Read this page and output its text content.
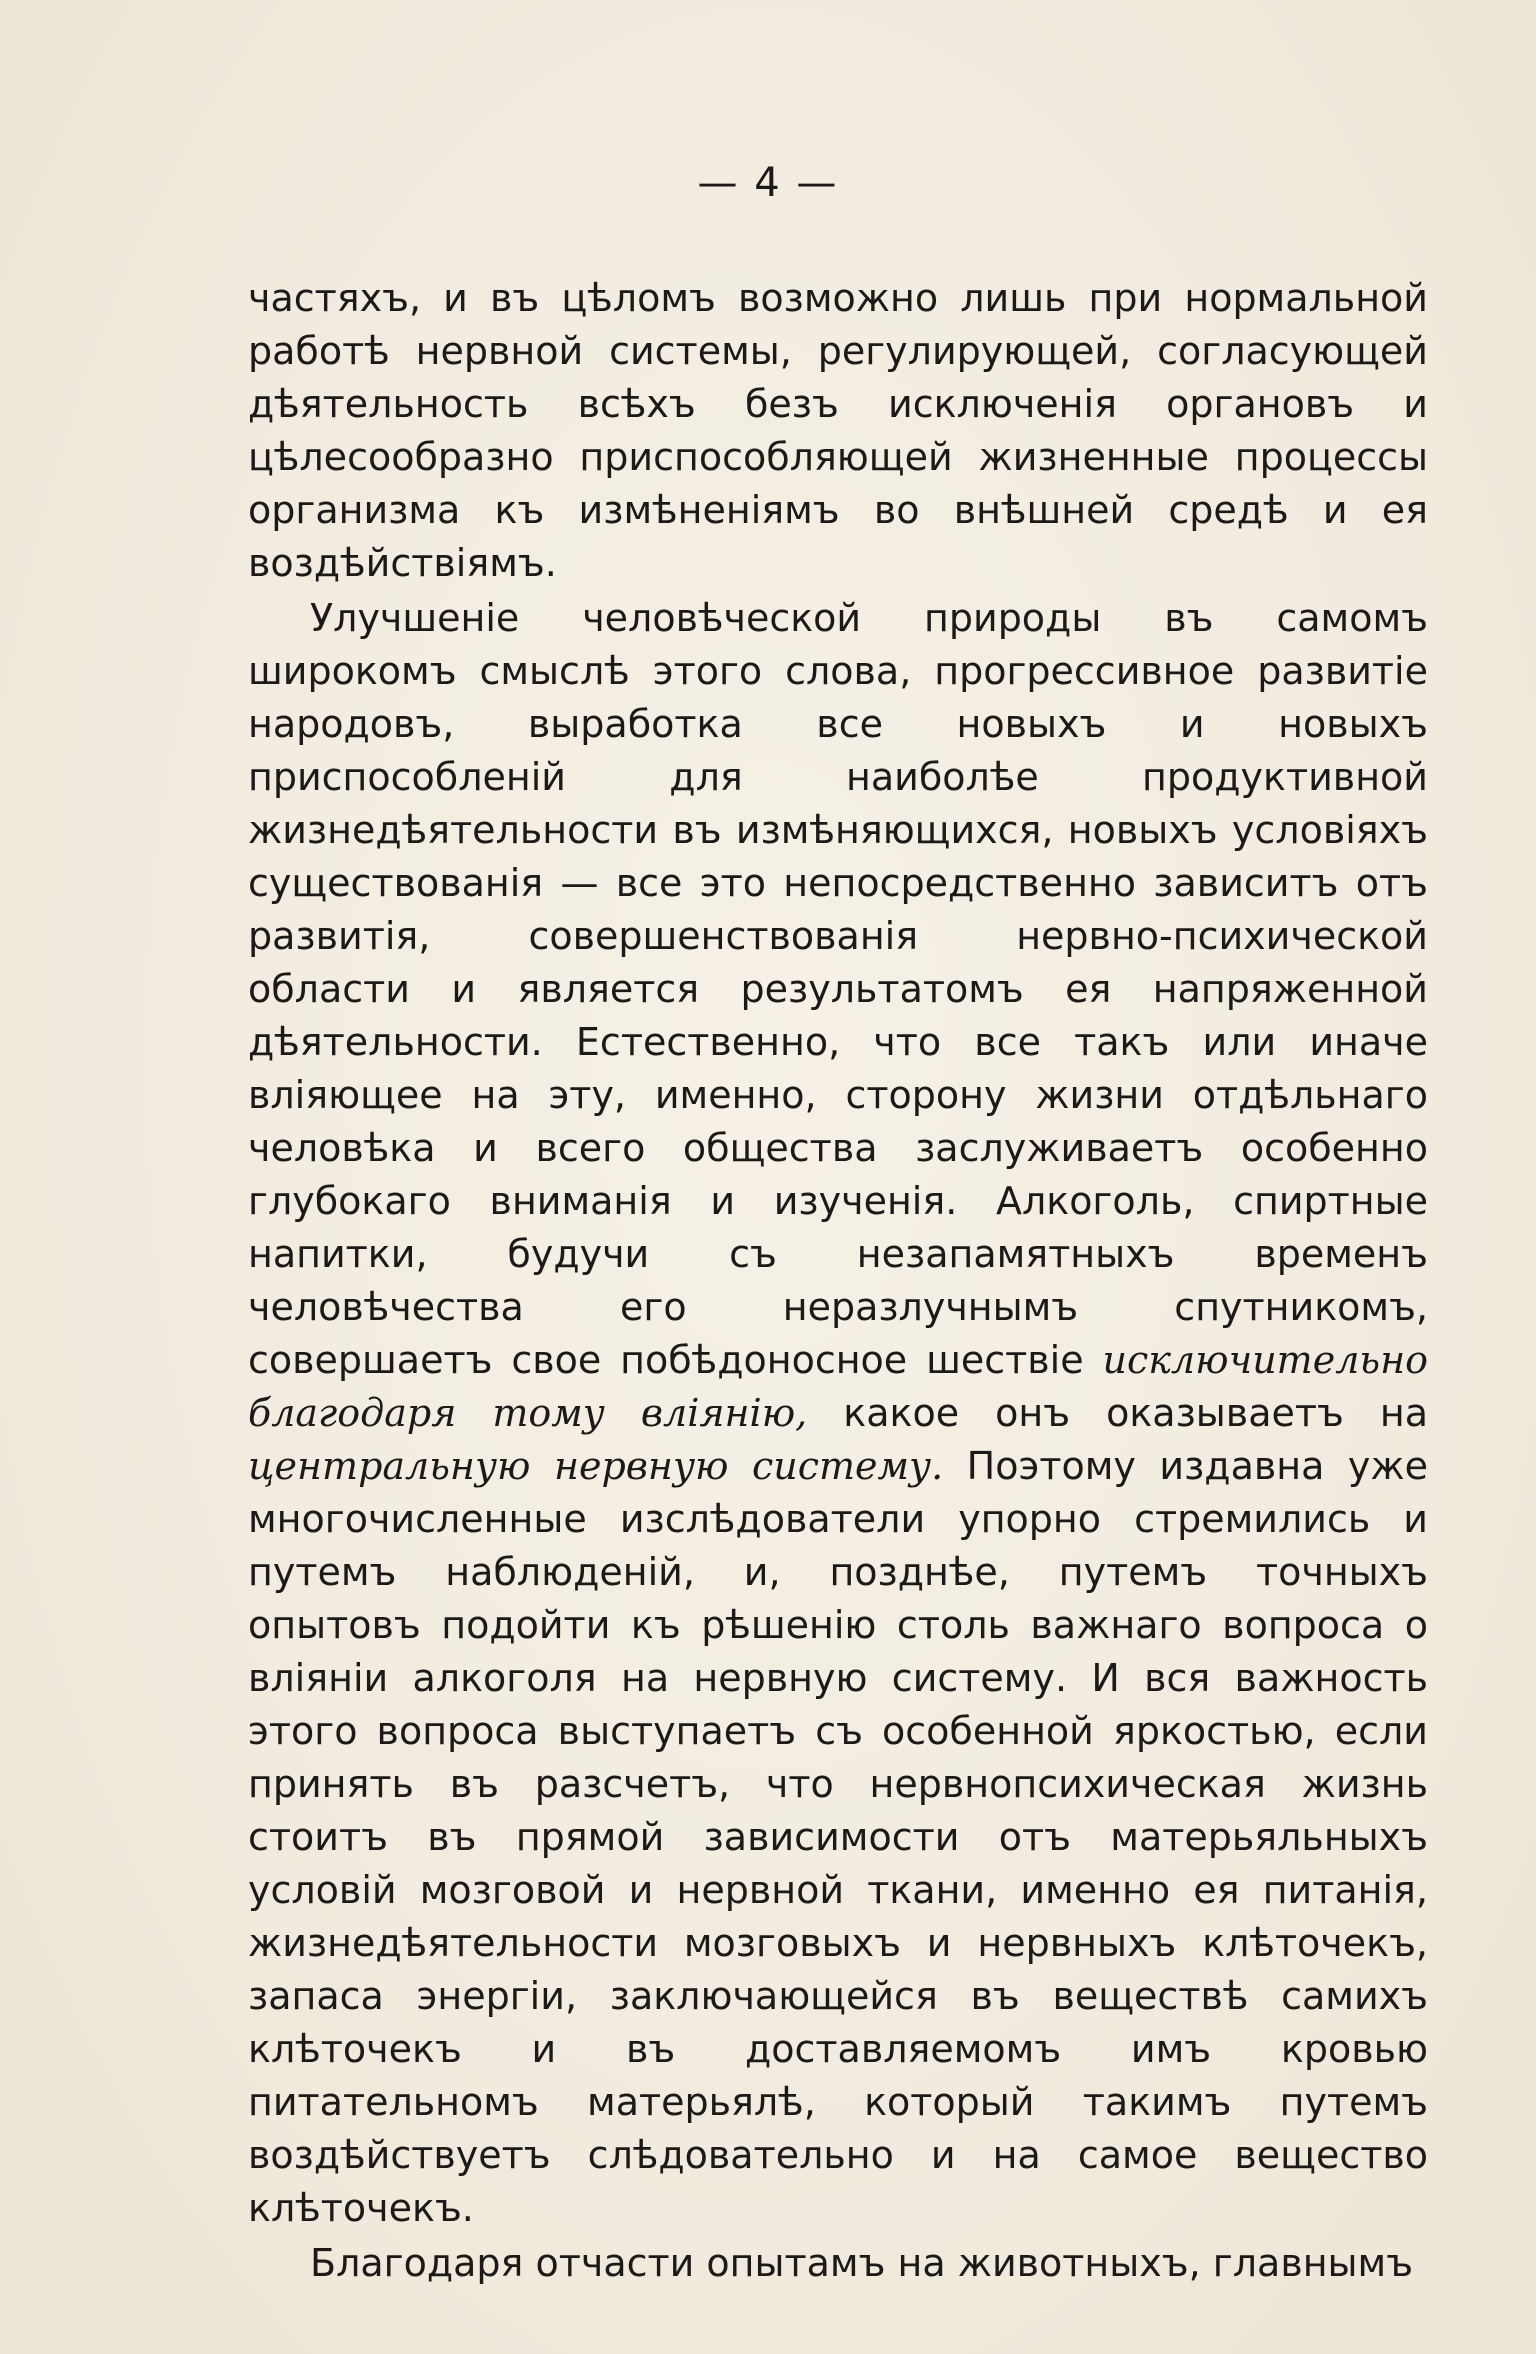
— 4 —

частяхъ, и въ цѣломъ возможно лишь при нормальной работѣ нервной системы, регулирующей, согласующей дѣятельность всѣхъ безъ исключенія органовъ и цѣлесообразно приспособляющей жизненные процессы организма къ измѣненіямъ во внѣшней средѣ и ея воздѣйствіямъ.

Улучшеніе человѣческой природы въ самомъ широкомъ смыслѣ этого слова, прогрессивное развитіе народовъ, выработка все новыхъ и новыхъ приспособленій для наиболѣе продуктивной жизнедѣятельности въ измѣняющихся, новыхъ условіяхъ существованія — все это непосредственно зависитъ отъ развитія, совершенствованія нервно-психической области и является результатомъ ея напряженной дѣятельности. Естественно, что все такъ или иначе вліяющее на эту, именно, сторону жизни отдѣльнаго человѣка и всего общества заслуживаетъ особенно глубокаго вниманія и изученія. Алкоголь, спиртные напитки, будучи съ незапамятныхъ временъ человѣчества его неразлучнымъ спутникомъ, совершаетъ свое побѣдоносное шествіе исключительно благодаря тому вліянію, какое онъ оказываетъ на центральную нервную систему. Поэтому издавна уже многочисленные изслѣдователи упорно стремились и путемъ наблюденій, и, позднѣе, путемъ точныхъ опытовъ подойти къ рѣшенію столь важнаго вопроса о вліяніи алкоголя на нервную систему. И вся важность этого вопроса выступаетъ съ особенной яркостью, если принять въ разсчетъ, что нервнопсихическая жизнь стоитъ въ прямой зависимости отъ матерьяльныхъ условій мозговой и нервной ткани, именно ея питанія, жизнедѣятельности мозговыхъ и нервныхъ клѣточекъ, запаса энергіи, заключающейся въ веществѣ самихъ клѣточекъ и въ доставляемомъ имъ кровью питательномъ матерьялѣ, который такимъ путемъ воздѣйствуетъ слѣдовательно и на самое вещество клѣточекъ.

Благодаря отчасти опытамъ на животныхъ, главнымъ
